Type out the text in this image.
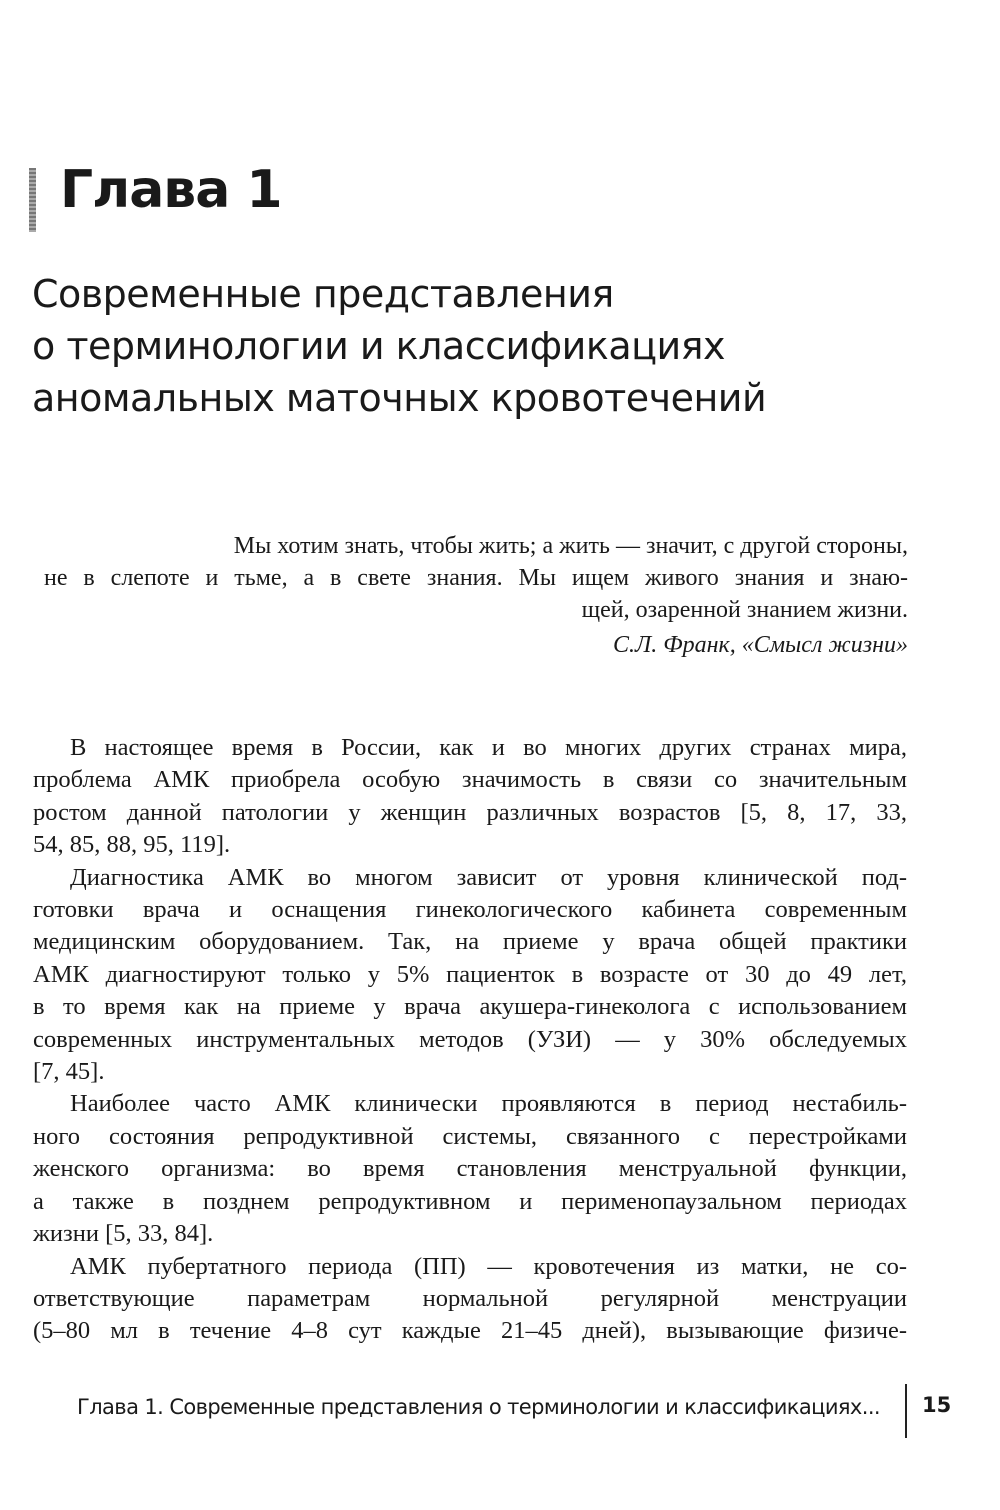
Глава 1
Современные представления
о терминологии и классификациях
аномальных маточных кровотечений
Мы хотим знать, чтобы жить; а жить — значит, с другой стороны,
не в слепоте и тьме, а в свете знания. Мы ищем живого знания и знаю-
щей, озаренной знанием жизни.
С.Л. Франк, «Смысл жизни»
В настоящее время в России, как и во многих других странах мира,
проблема АМК приобрела особую значимость в связи со значительным
ростом данной патологии у женщин различных возрастов [5, 8, 17, 33,
54, 85, 88, 95, 119].
Диагностика АМК во многом зависит от уровня клинической под-
готовки врача и оснащения гинекологического кабинета современным
медицинским оборудованием. Так, на приеме у врача общей практики
АМК диагностируют только у 5% пациенток в возрасте от 30 до 49 лет,
в то время как на приеме у врача акушера-гинеколога с использованием
современных инструментальных методов (УЗИ) — у 30% обследуемых
[7, 45].
Наиболее часто АМК клинически проявляются в период нестабиль-
ного состояния репродуктивной системы, связанного с перестройками
женского организма: во время становления менструальной функции,
а также в позднем репродуктивном и перименопаузальном периодах
жизни [5, 33, 84].
АМК пубертатного периода (ПП) — кровотечения из матки, не со-
ответствующие параметрам нормальной регулярной менструации
(5–80 мл в течение 4–8 сут каждые 21–45 дней), вызывающие физиче-
Глава 1. Современные представления о терминологии и классификациях... 15
